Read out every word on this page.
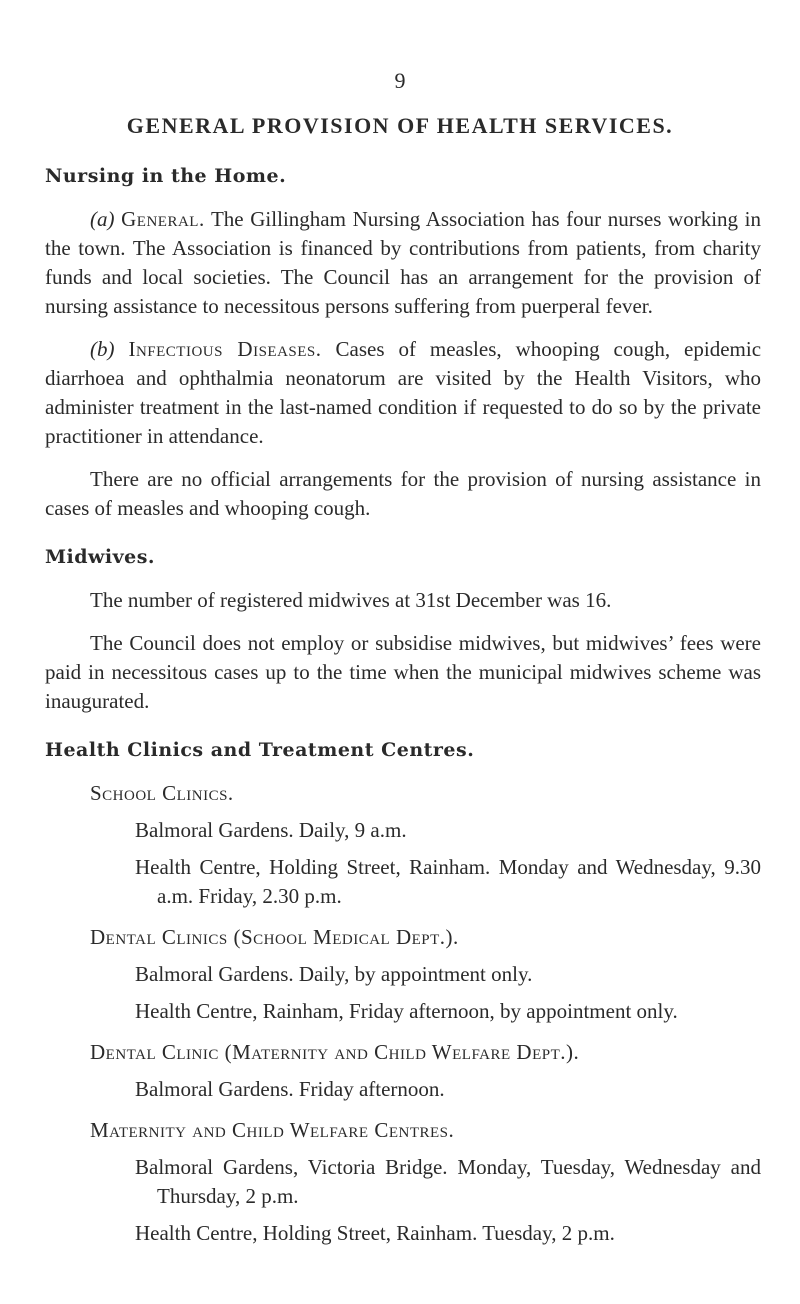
9
GENERAL PROVISION OF HEALTH SERVICES.
Nursing in the Home.

(a) General. The Gillingham Nursing Association has four nurses working in the town. The Association is financed by contributions from patients, from charity funds and local societies. The Council has an arrangement for the provision of nursing assistance to necessitous persons suffering from puerperal fever.

(b) Infectious Diseases. Cases of measles, whooping cough, epidemic diarrhoea and ophthalmia neonatorum are visited by the Health Visitors, who administer treatment in the last-named condition if requested to do so by the private practitioner in attendance.

There are no official arrangements for the provision of nursing assistance in cases of measles and whooping cough.

Midwives.

The number of registered midwives at 31st December was 16.

The Council does not employ or subsidise midwives, but midwives’ fees were paid in necessitous cases up to the time when the municipal midwives scheme was inaugurated.

Health Clinics and Treatment Centres.
School Clinics.
Balmoral Gardens. Daily, 9 a.m.
Health Centre, Holding Street, Rainham. Monday and Wednesday, 9.30 a.m. Friday, 2.30 p.m.
Dental Clinics (School Medical Dept.).
Balmoral Gardens. Daily, by appointment only.
Health Centre, Rainham, Friday afternoon, by appointment only.
Dental Clinic (Maternity and Child Welfare Dept.).
Balmoral Gardens. Friday afternoon.
Maternity and Child Welfare Centres.
Balmoral Gardens, Victoria Bridge. Monday, Tuesday, Wednesday and Thursday, 2 p.m.
Health Centre, Holding Street, Rainham. Tuesday, 2 p.m.
